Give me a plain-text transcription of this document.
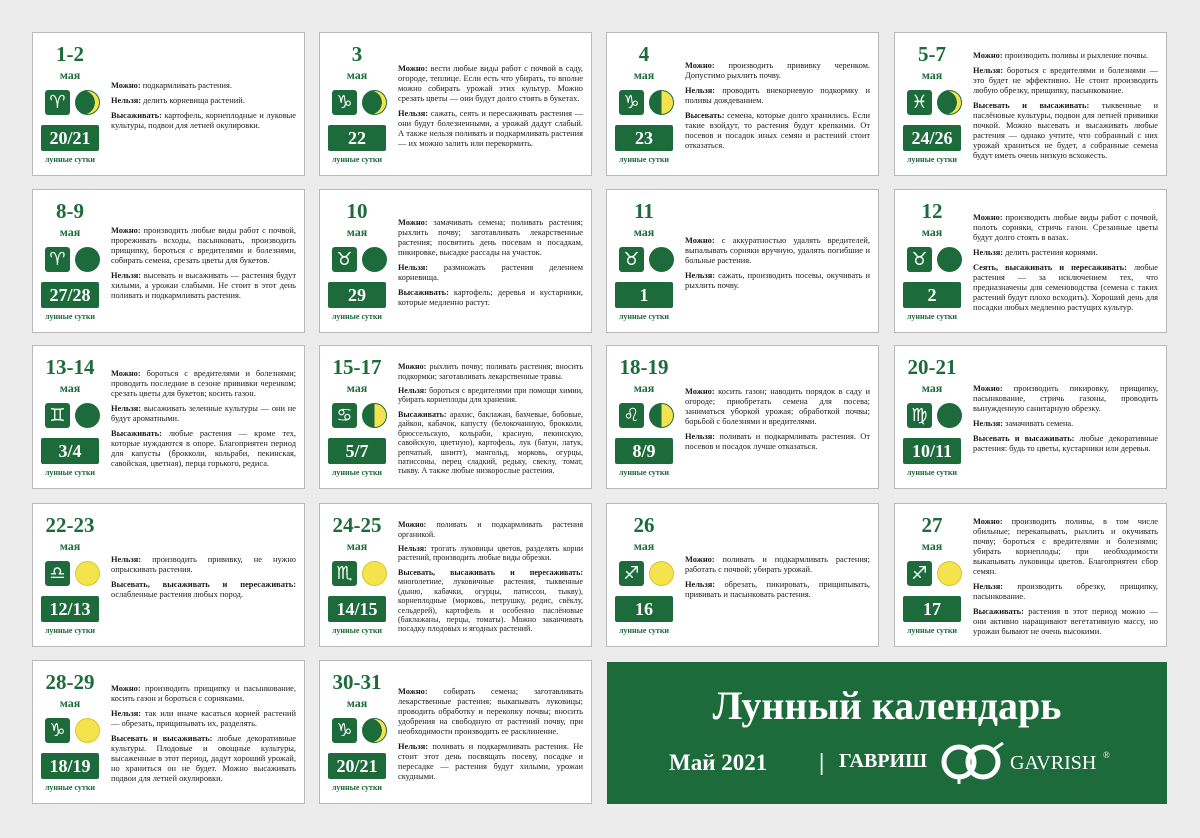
1-2
мая
♈
20/21
лунные сутки

Можно: подкармливать растения.

Нельзя: делить корневища растений.

Высаживать: картофель, корнеплодные и луковые культуры, подвои для летней окулировки.

3
мая
♑
22
лунные сутки

Можно: вести любые виды работ с почвой в саду, огороде, теплице. Если есть что убирать, то вполне можно собирать урожай этих культур. Можно срезать цветы — они будут долго стоять в букетах.

Нельзя: сажать, сеять и пересаживать растения — они будут болезненными, а урожай дадут слабый. А также нельзя поливать и подкармливать растения — их можно залить или перекормить.

4
мая
♑
23
лунные сутки

Можно: производить прививку черенком. Допустимо рыхлить почву.

Нельзя: проводить внекорневую подкормку и поливы дождеванием.

Высевать: семена, которые долго хранились. Если такие взойдут, то растения будут крепкими. От посевов и посадок иных семян и растений стоит отказаться.

5-7
мая
♓
24/26
лунные сутки

Можно: производить поливы и рыхление почвы.

Нельзя: бороться с вредителями и болезнями — это будет не эффективно. Не стоит производить любую обрезку, прищипку, пасынкование.

Высевать и высаживать: тыквенные и паслёновые культуры, подвои для летней прививки почкой. Можно высевать и высаживать любые растения — однако учтите, что собранный с них урожай храниться не будет, а собранные семена будут иметь очень низкую всхожесть.

8-9
мая
♈
27/28
лунные сутки

Можно: производить любые виды работ с почвой, прореживать всходы, пасынковать, производить прищипку, бороться с вредителями и болезнями, собирать семена, срезать цветы для букетов.

Нельзя: высевать и высаживать — растения будут хилыми, а урожаи слабыми. Не стоит в этот день поливать и подкармливать растения.

10
мая
♉
29
лунные сутки

Можно: замачивать семена; поливать растения; рыхлить почву; заготавливать лекарственные растения; посвятить день посевам и посадкам, пикировке, высадке рассады на участок.

Нельзя: размножать растения делением корневища.

Высаживать: картофель; деревья и кустарники, которые медленно растут.

11
мая
♉
1
лунные сутки

Можно: с аккуратностью удалять вредителей, выпалывать сорняки вручную, удалять погибшие и больные растения.

Нельзя: сажать, производить посевы, окучивать и рыхлить почву.

12
мая
♉
2
лунные сутки

Можно: производить любые виды работ с почвой, полоть сорняки, стричь газон. Срезанные цветы будут долго стоять в вазах.

Нельзя: делить растения корнями.

Сеять, высаживать и пересаживать: любые растения — за исключением тех, что предназначены для семеноводства (семена с таких растений будут плохо всходить). Хороший день для посадки любых медленно растущих культур.

13-14
мая
♊
3/4
лунные сутки

Можно: бороться с вредителями и болезнями; проводить последние в сезоне прививки черенком; срезать цветы для букетов; косить газон.

Нельзя: высаживать зеленные культуры — они не будут ароматными.

Высаживать: любые растения — кроме тех, которые нуждаются в опоре. Благоприятен период для капусты (брокколи, кольраби, пекинская, савойская, цветная), перца горького, редиса.

15-17
мая
♋
5/7
лунные сутки

Можно: рыхлить почву; поливать растения; вносить подкормки; заготавливать лекарственные травы.

Нельзя: бороться с вредителями при помощи химии, убирать корнеплоды для хранения.

Высаживать: арахис, баклажан, бахчевые, бобовые, дайкон, кабачок, капусту (белокочанную, брокколи, брюссельскую, кольраби, красную, пекинскую, савойскую, цветную), картофель, лук (батун, латук, репчатый, шнитт), мангольд, морковь, огурцы, патиссоны, перец сладкий, редьку, свеклу, томат, тыкву. А также любые низкорослые растения.

18-19
мая
♌
8/9
лунные сутки

Можно: косить газон; наводить порядок в саду и огороде; приобретать семена для посева; заниматься уборкой урожая; обработкой почвы; борьбой с болезнями и вредителями.

Нельзя: поливать и подкармливать растения. От посевов и посадок лучше отказаться.

20-21
мая
♍
10/11
лунные сутки

Можно: производить пикировку, прищипку, пасынкование, стричь газоны, проводить вынужденную санитарную обрезку.

Нельзя: замачивать семена.

Высевать и высаживать: любые декоративные растения: будь то цветы, кустарники или деревья.

22-23
мая
♎
12/13
лунные сутки

Нельзя: производить прививку, не нужно опрыскивать растения.

Высевать, высаживать и пересаживать: ослабленные растения любых пород.

24-25
мая
♏
14/15
лунные сутки

Можно: поливать и подкармливать растения органикой.

Нельзя: трогать луковицы цветов, разделять корни растений, производить любые виды обрезки.

Высевать, высаживать и пересаживать: многолетние, луковичные растения, тыквенные (дыню, кабачки, огурцы, патиссон, тыкву), корнеплодные (морковь, петрушку, редис, свёклу, сельдерей), картофель и особенно паслёновые (баклажаны, перцы, томаты). Можно заканчивать посадку плодовых и ягодных растений.

26
мая
♐
16
лунные сутки

Можно: поливать и подкармливать растения; работать с почвой; убирать урожай.

Нельзя: обрезать, пикировать, прищипывать, прививать и пасынковать растения.

27
мая
♐
17
лунные сутки

Можно: производить поливы, в том числе обильные; перекапывать, рыхлить и окучивать почву; бороться с вредителями и болезнями; убирать корнеплоды; при необходимости выкапывать луковицы цветов. Благоприятен сбор семян.

Нельзя: производить обрезку, прищипку, пасынкование.

Высаживать: растения в этот период можно — они активно наращивают вегетативную массу, но урожаи бывают не очень высокими.

28-29
мая
♑
18/19
лунные сутки

Можно: производить прищипку и пасынкование, косить газон и бороться с сорняками.

Нельзя: так или иначе касаться корней растений — обрезать, прищипывать их, разделять.

Высевать и высаживать: любые декоративные культуры. Плодовые и овощные культуры, высаженные в этот период, дадут хороший урожай, но храниться он не будет. Можно высаживать подвои для летней окулировки.

30-31
мая
♑
20/21
лунные сутки

Можно: собирать семена; заготавливать лекарственные растения; выкапывать луковицы; проводить обработку и перекопку почвы; вносить удобрения на свободную от растений почву, при необходимости производить ее расклинение.

Нельзя: поливать и подкармливать растения. Не стоит этот день посвящать посеву, посадке и пересадке — растения будут хилыми, урожаи скудными.

Лунный календарь
Май 2021 | ГАВРИШ	GAVRISH ®
